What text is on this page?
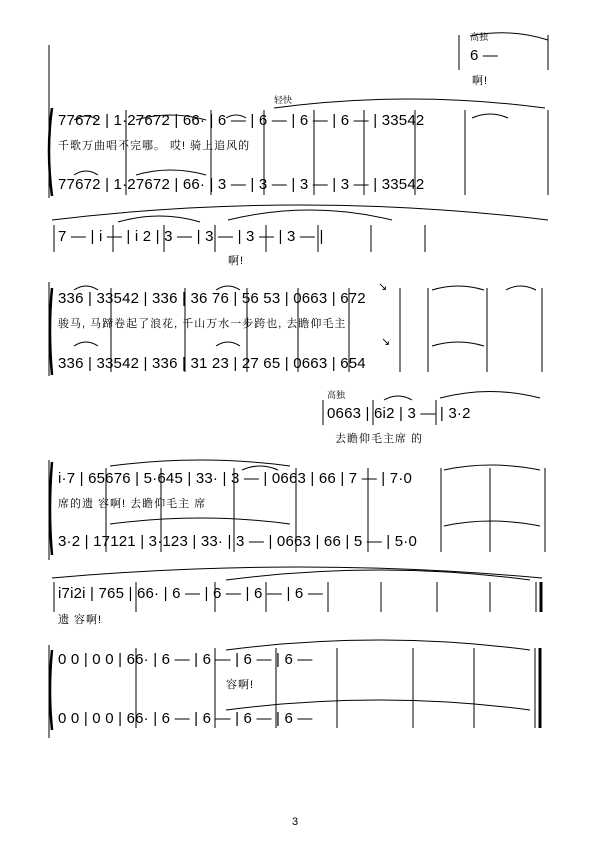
↘
↘
高独
6 —
啊!
轻快
77672 | 1·27672 | 66· | 6 — | 6 — | 6 — | 6 — | 33542
千歌万曲唱不完哪。 哎! 骑上追风的
77672 | 1·27672 | 66· | 3 — | 3 — | 3 — | 3 — | 33542
7 — | i — | i 2 | 3 — | 3 — | 3 — | 3 — |
啊!
336 | 33542 | 336 | 36 76 | 56 53 | 0663 | 672
骏马, 马蹄卷起了浪花, 千山万水一步跨也, 去瞻仰毛主
336 | 33542 | 336 | 31 23 | 27 65 | 0663 | 654
高独
0663 | 6i2 | 3 — | 3·2
去瞻仰毛主席 的
i·7 | 65676 | 5·645 | 33· | 3 — | 0663 | 66 | 7 — | 7·0
席的遗 容啊! 去瞻仰毛主 席
3·2 | 17121 | 3·123 | 33· | 3 — | 0663 | 66 | 5 — | 5·0
i7i2i | 765 | 66· | 6 — | 6 — | 6 — | 6 —
遗 容啊!
0 0 | 0 0 | 66· | 6 — | 6 — | 6 — | 6 —
容啊!
0 0 | 0 0 | 66· | 6 — | 6 — | 6 — | 6 —
3
